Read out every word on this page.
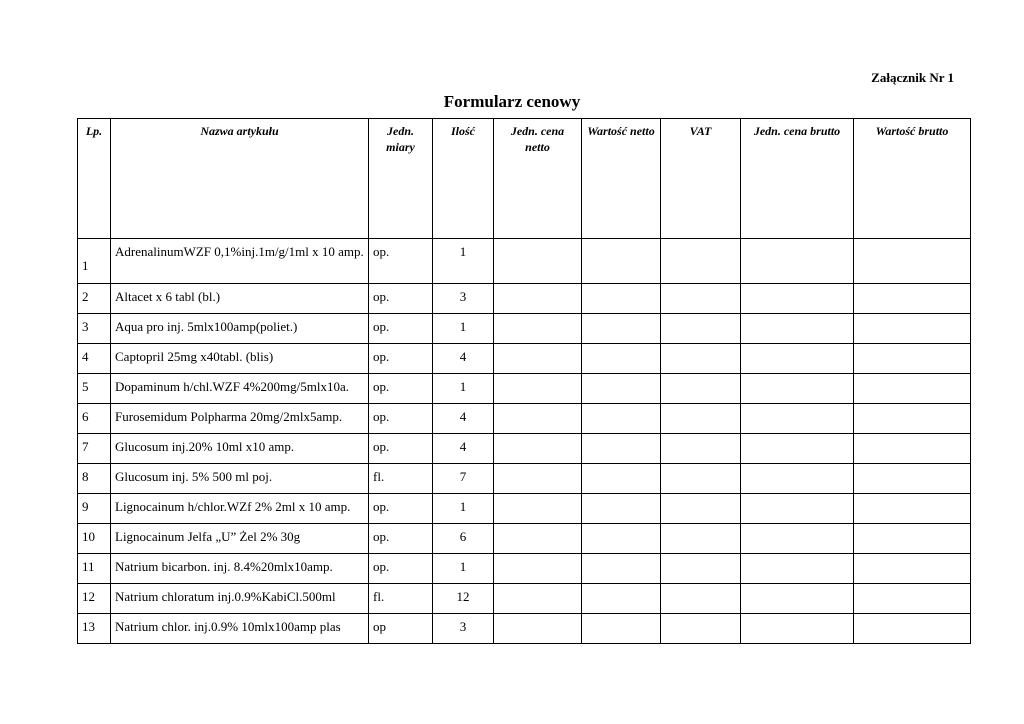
Załącznik Nr 1
Formularz cenowy
Lp.	Nazwa artykułu	Jedn. miary	Ilość	Jedn. cena netto	Wartość netto	VAT	Jedn. cena brutto	Wartość brutto
1	AdrenalinumWZF 0,1%inj.1m/g/1ml x 10 amp.	op.	1					
2	Altacet x 6 tabl (bl.)	op.	3					
3	Aqua pro inj. 5mlx100amp(poliet.)	op.	1					
4	Captopril 25mg x40tabl. (blis)	op.	4					
5	Dopaminum h/chl.WZF 4%200mg/5mlx10a.	op.	1					
6	Furosemidum Polpharma 20mg/2mlx5amp.	op.	4					
7	Glucosum inj.20% 10ml x10 amp.	op.	4					
8	Glucosum inj. 5% 500 ml poj.	fl.	7					
9	Lignocainum h/chlor.WZf 2% 2ml x 10 amp.	op.	1					
10	Lignocainum Jelfa „U” Żel 2% 30g	op.	6					
11	Natrium bicarbon. inj. 8.4%20mlx10amp.	op.	1					
12	Natrium chloratum inj.0.9%KabiCl.500ml	fl.	12					
13	Natrium chlor. inj.0.9% 10mlx100amp plas	op	3					
